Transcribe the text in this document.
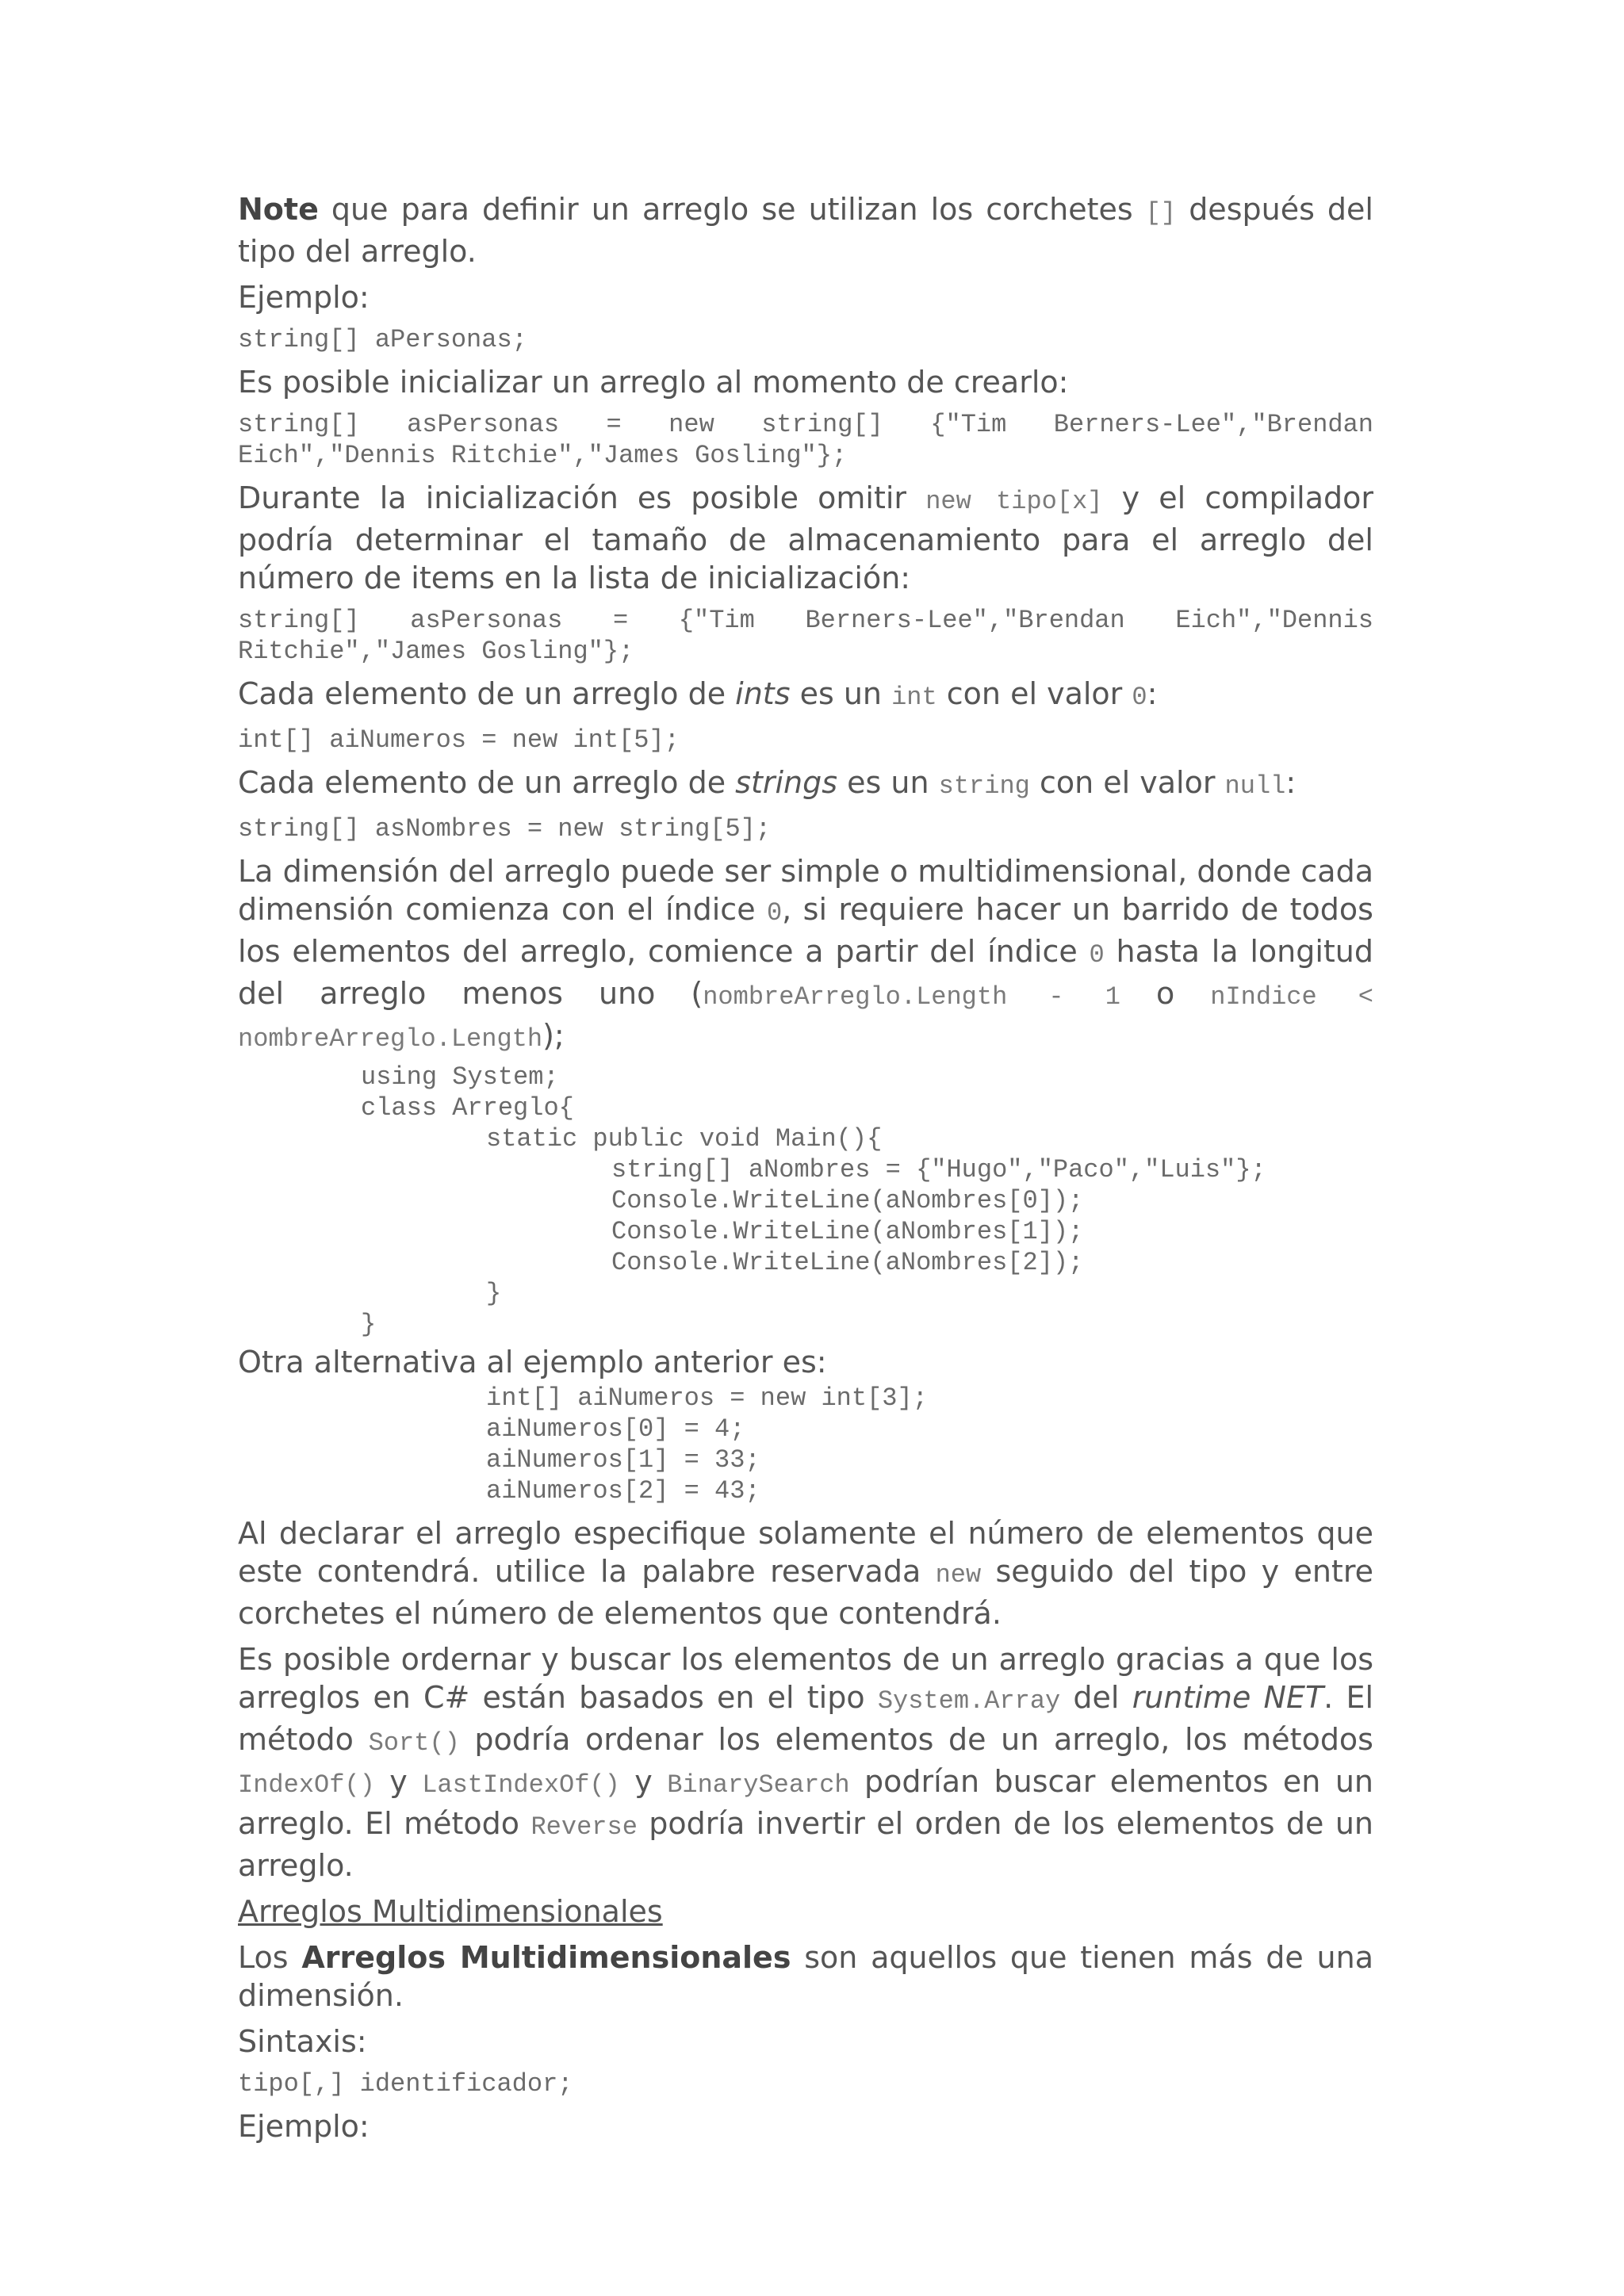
Note que para definir un arreglo se utilizan los corchetes [] después del tipo del arreglo.

Ejemplo:

string[] aPersonas;

Es posible inicializar un arreglo al momento de crearlo:

string[] asPersonas = new string[] {"Tim Berners-Lee","Brendan Eich","Dennis Ritchie","James Gosling"};

Durante la inicialización es posible omitir new tipo[x] y el compilador podría determinar el tamaño de almacenamiento para el arreglo del número de items en la lista de inicialización:

string[] asPersonas = {"Tim Berners-Lee","Brendan Eich","Dennis Ritchie","James Gosling"};

Cada elemento de un arreglo de ints es un int con el valor 0:

int[] aiNumeros = new int[5];

Cada elemento de un arreglo de strings es un string con el valor null:

string[] asNombres = new string[5];

La dimensión del arreglo puede ser simple o multidimensional, donde cada dimensión comienza con el índice 0, si requiere hacer un barrido de todos los elementos del arreglo, comience a partir del índice 0 hasta la longitud del arreglo menos uno (nombreArreglo.Length - 1 o nIndice < nombreArreglo.Length);

using System;
class Arreglo{
static public void Main(){
string[] aNombres = {"Hugo","Paco","Luis"};
Console.WriteLine(aNombres[0]);
Console.WriteLine(aNombres[1]);
Console.WriteLine(aNombres[2]);
}
}

Otra alternativa al ejemplo anterior es:

int[] aiNumeros = new int[3];
aiNumeros[0] = 4;
aiNumeros[1] = 33;
aiNumeros[2] = 43;

Al declarar el arreglo especifique solamente el número de elementos que este contendrá. utilice la palabre reservada new seguido del tipo y entre corchetes el número de elementos que contendrá.

Es posible ordernar y buscar los elementos de un arreglo gracias a que los arreglos en C# están basados en el tipo System.Array del runtime NET. El método Sort() podría ordenar los elementos de un arreglo, los métodos IndexOf() y LastIndexOf() y BinarySearch podrían buscar elementos en un arreglo. El método Reverse podría invertir el orden de los elementos de un arreglo.

Arreglos Multidimensionales

Los Arreglos Multidimensionales son aquellos que tienen más de una dimensión.

Sintaxis:

tipo[,] identificador;

Ejemplo:
